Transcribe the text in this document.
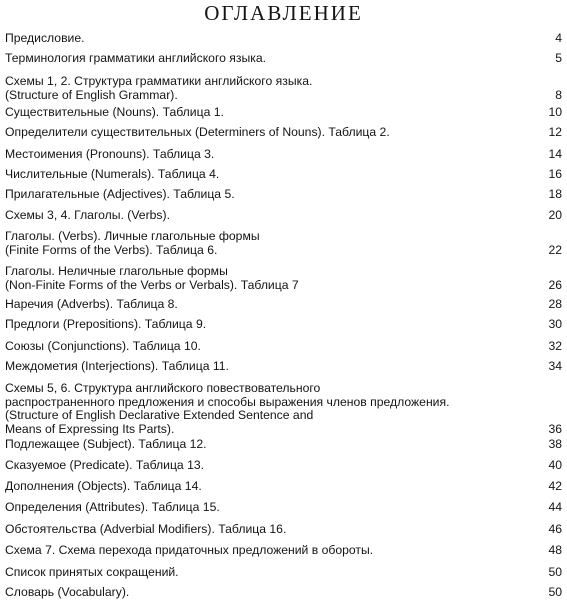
ОГЛАВЛЕНИЕ
Предисловие.	4
Терминология грамматики английского языка.	5
Схемы 1, 2. Структура грамматики английского языка.
(Structure of English Grammar).	8
Существительные (Nouns). Таблица 1.	10
Определители существительных (Determiners of Nouns). Таблица 2.	12
Местоимения (Pronouns). Таблица 3.	14
Числительные (Numerals). Таблица 4.	16
Прилагательные (Adjectives). Таблица 5.	18
Схемы 3, 4. Глаголы. (Verbs).	20
Глаголы. (Verbs). Личные глагольные формы
(Finite Forms of the Verbs). Таблица 6.	22
Глаголы. Неличные глагольные формы
(Non-Finite Forms of the Verbs or Verbals). Таблица 7	26
Наречия (Adverbs). Таблица 8.	28
Предлоги (Prepositions). Таблица 9.	30
Союзы (Conjunctions). Таблица 10.	32
Междометия (Interjections). Таблица 11.	34
Схемы 5, 6. Структура английского повествовательного
распространенного предложения и способы выражения членов предложения.
(Structure of English Declarative Extended Sentence and
Means of Expressing Its Parts).	36
Подлежащее (Subject). Таблица 12.	38
Сказуемое (Predicate). Таблица 13.	40
Дополнения (Objects). Таблица 14.	42
Определения (Attributes). Таблица 15.	44
Обстоятельства (Adverbial Modifiers). Таблица 16.	46
Схема 7. Схема перехода придаточных предложений в обороты.	48
Список принятых сокращений.	50
Словарь (Vocabulary).	50
